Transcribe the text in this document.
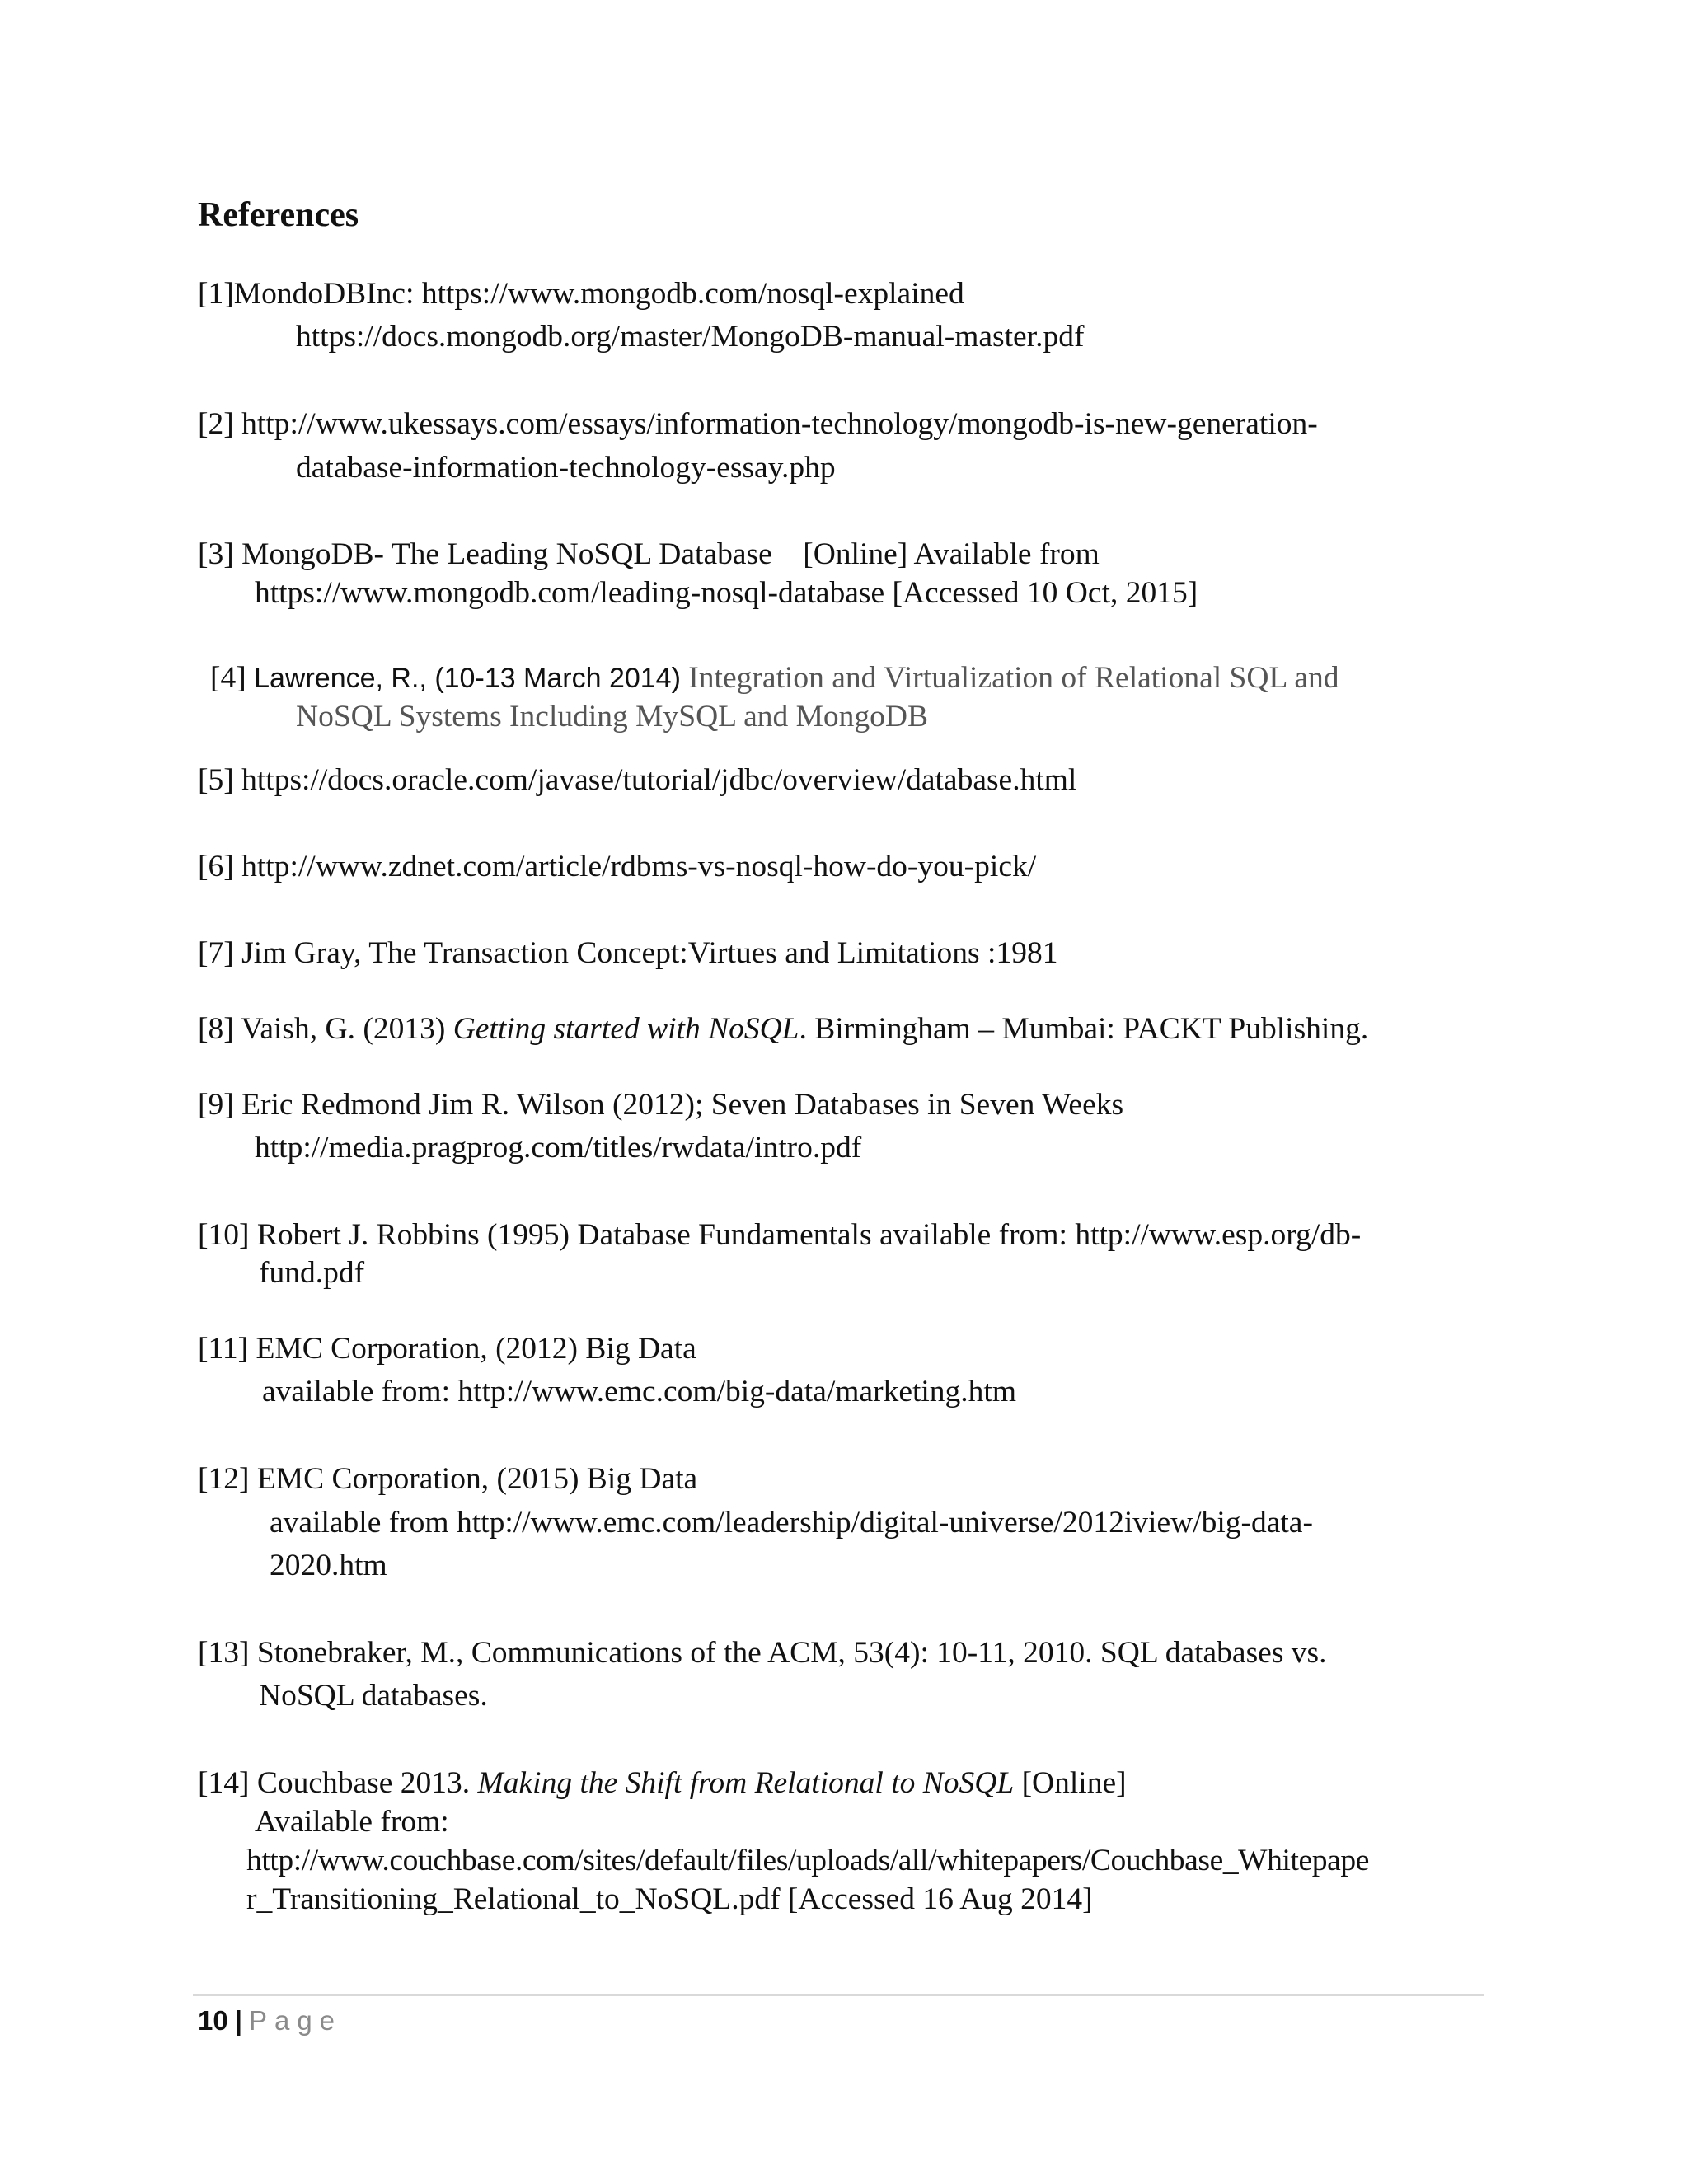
References
[1]MondoDBInc: https://www.mongodb.com/nosql-explained
https://docs.mongodb.org/master/MongoDB-manual-master.pdf
[2] http://www.ukessays.com/essays/information-technology/mongodb-is-new-generation-
database-information-technology-essay.php
[3] MongoDB- The Leading NoSQL Database    [Online] Available from
https://www.mongodb.com/leading-nosql-database [Accessed 10 Oct, 2015]
[4] Lawrence, R., (10-13 March 2014) Integration and Virtualization of Relational SQL and
NoSQL Systems Including MySQL and MongoDB
[5] https://docs.oracle.com/javase/tutorial/jdbc/overview/database.html
[6] http://www.zdnet.com/article/rdbms-vs-nosql-how-do-you-pick/
[7] Jim Gray, The Transaction Concept:Virtues and Limitations :1981
[8] Vaish, G. (2013) Getting started with NoSQL. Birmingham – Mumbai: PACKT Publishing.
[9] Eric Redmond Jim R. Wilson (2012); Seven Databases in Seven Weeks
http://media.pragprog.com/titles/rwdata/intro.pdf
[10] Robert J. Robbins (1995) Database Fundamentals available from: http://www.esp.org/db-
fund.pdf
[11] EMC Corporation, (2012) Big Data
available from: http://www.emc.com/big-data/marketing.htm
[12] EMC Corporation, (2015) Big Data
available from http://www.emc.com/leadership/digital-universe/2012iview/big-data-
2020.htm
[13] Stonebraker, M., Communications of the ACM, 53(4): 10-11, 2010. SQL databases vs.
NoSQL databases.
[14] Couchbase 2013. Making the Shift from Relational to NoSQL [Online]
Available from:
http://www.couchbase.com/sites/default/files/uploads/all/whitepapers/Couchbase_Whitepape
r_Transitioning_Relational_to_NoSQL.pdf [Accessed 16 Aug 2014]
10 | Page
